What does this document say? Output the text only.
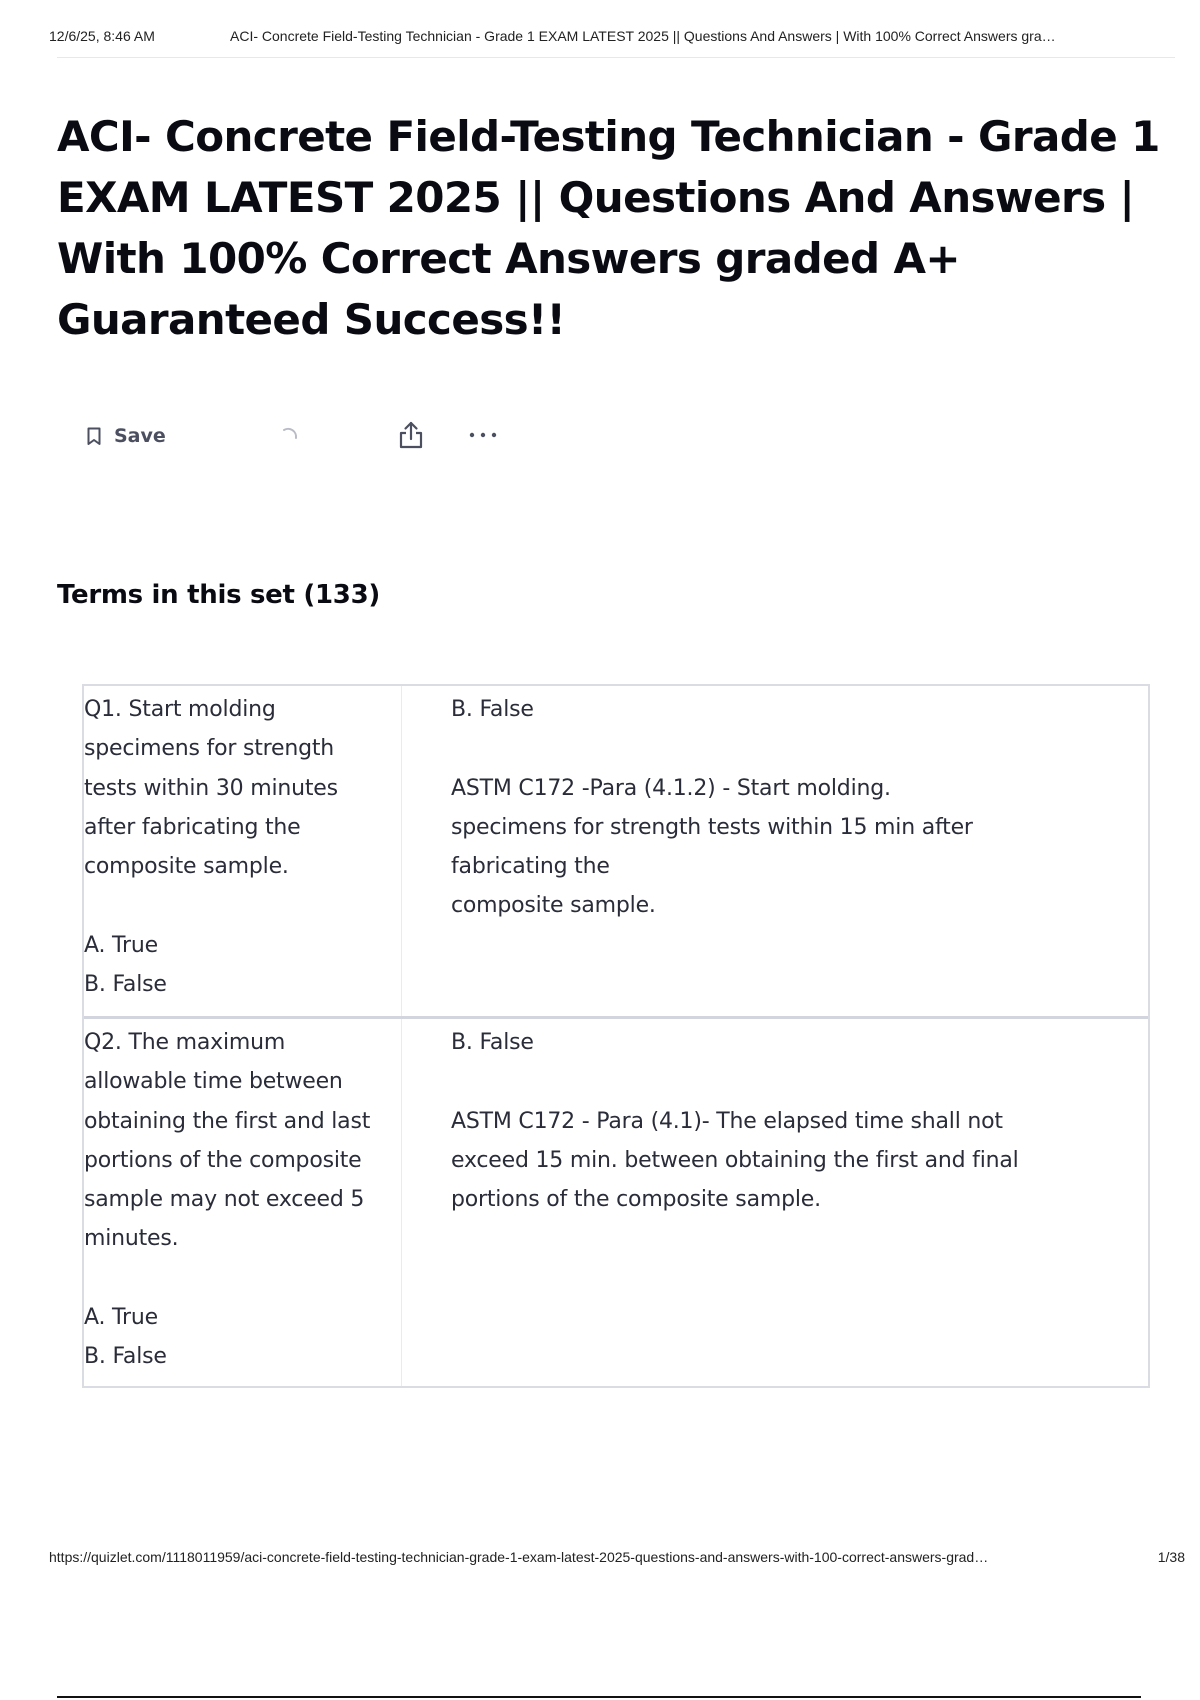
12/6/25, 8:46 AM	ACI- Concrete Field-Testing Technician - Grade 1 EXAM LATEST 2025 || Questions And Answers | With 100% Correct Answers gra…
ACI- Concrete Field-Testing Technician - Grade 1 EXAM LATEST 2025 || Questions And Answers | With 100% Correct Answers graded A+ Guaranteed Success!!
Save
Terms in this set (133)
Q1. Start molding
specimens for strength
tests within 30 minutes
after fabricating the
composite sample.

A. True
B. False
B. False

ASTM C172 -Para (4.1.2) - Start molding.
specimens for strength tests within 15 min after
fabricating the
composite sample.
Q2. The maximum
allowable time between
obtaining the first and last
portions of the composite
sample may not exceed 5
minutes.

A. True
B. False
B. False

ASTM C172 - Para (4.1)- The elapsed time shall not
exceed 15 min. between obtaining the first and final
portions of the composite sample.
https://quizlet.com/1118011959/aci-concrete-field-testing-technician-grade-1-exam-latest-2025-questions-and-answers-with-100-correct-answers-grad…	1/38
